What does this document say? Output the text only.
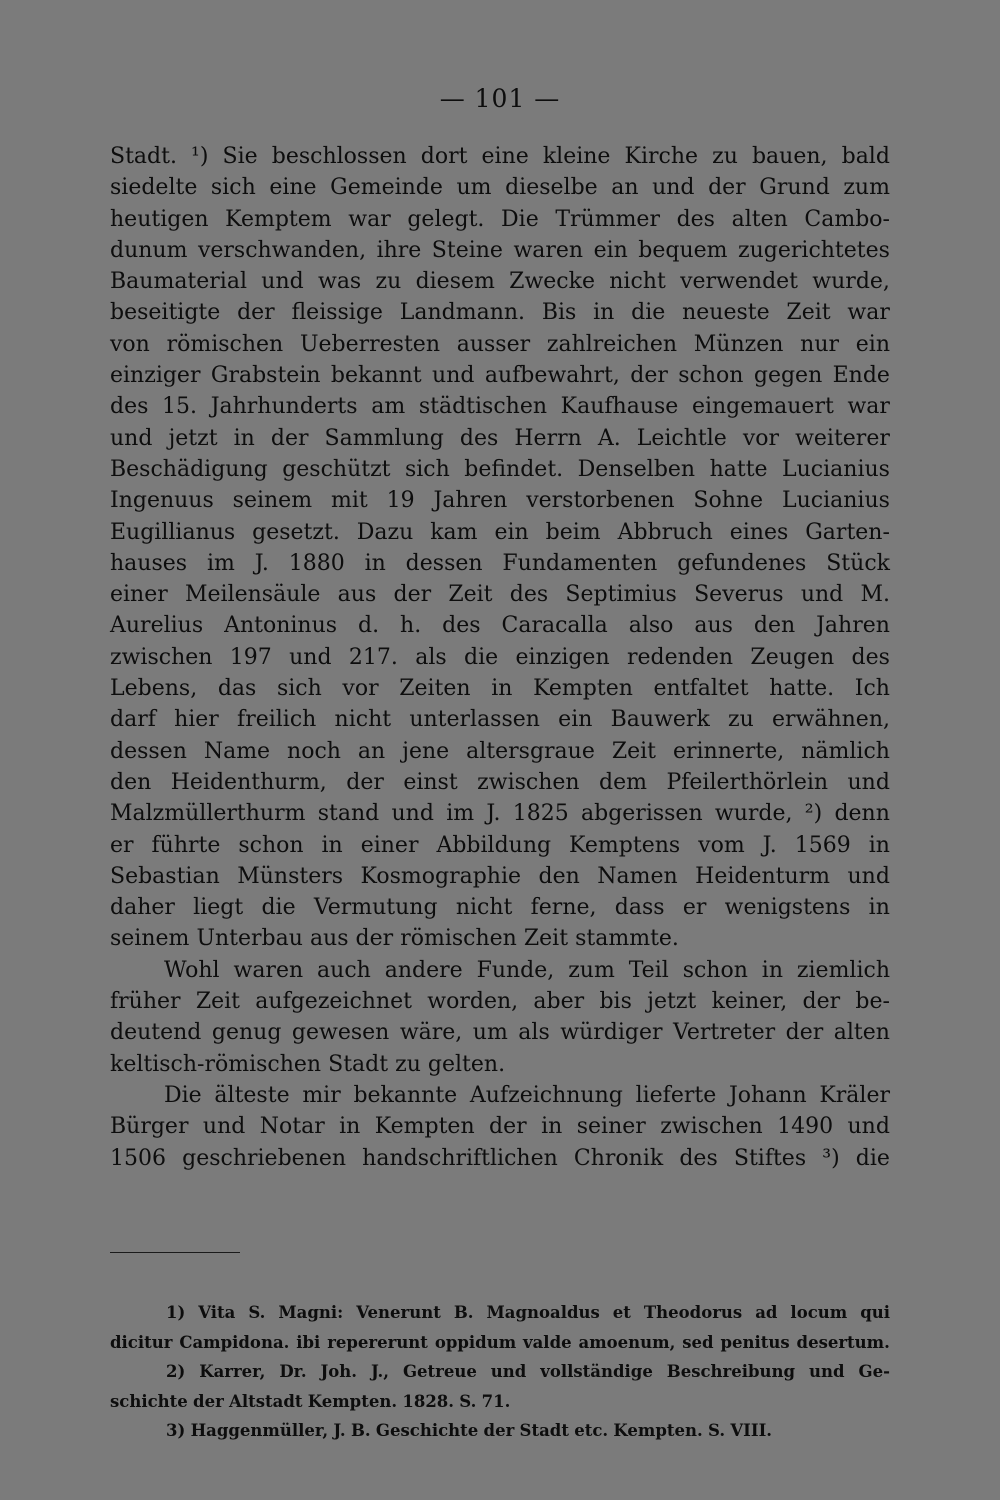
— 101 —
Stadt. ¹) Sie beschlossen dort eine kleine Kirche zu bauen, bald
siedelte sich eine Gemeinde um dieselbe an und der Grund zum
heutigen Kemptem war gelegt. Die Trümmer des alten Cambo-
dunum verschwanden, ihre Steine waren ein bequem zugerichtetes
Baumaterial und was zu diesem Zwecke nicht verwendet wurde,
beseitigte der fleissige Landmann. Bis in die neueste Zeit war
von römischen Ueberresten ausser zahlreichen Münzen nur ein
einziger Grabstein bekannt und aufbewahrt, der schon gegen Ende
des 15. Jahrhunderts am städtischen Kaufhause eingemauert war
und jetzt in der Sammlung des Herrn A. Leichtle vor weiterer
Beschädigung geschützt sich befindet. Denselben hatte Lucianius
Ingenuus seinem mit 19 Jahren verstorbenen Sohne Lucianius
Eugillianus gesetzt. Dazu kam ein beim Abbruch eines Garten-
hauses im J. 1880 in dessen Fundamenten gefundenes Stück
einer Meilensäule aus der Zeit des Septimius Severus und M.
Aurelius Antoninus d. h. des Caracalla also aus den Jahren
zwischen 197 und 217. als die einzigen redenden Zeugen des
Lebens, das sich vor Zeiten in Kempten entfaltet hatte. Ich
darf hier freilich nicht unterlassen ein Bauwerk zu erwähnen,
dessen Name noch an jene altersgraue Zeit erinnerte, nämlich
den Heidenthurm, der einst zwischen dem Pfeilerthörlein und
Malzmüllerthurm stand und im J. 1825 abgerissen wurde, ²) denn
er führte schon in einer Abbildung Kemptens vom J. 1569 in
Sebastian Münsters Kosmographie den Namen Heidenturm und
daher liegt die Vermutung nicht ferne, dass er wenigstens in
seinem Unterbau aus der römischen Zeit stammte.
Wohl waren auch andere Funde, zum Teil schon in ziemlich
früher Zeit aufgezeichnet worden, aber bis jetzt keiner, der be-
deutend genug gewesen wäre, um als würdiger Vertreter der alten
keltisch-römischen Stadt zu gelten.
Die älteste mir bekannte Aufzeichnung lieferte Johann Kräler
Bürger und Notar in Kempten der in seiner zwischen 1490 und
1506 geschriebenen handschriftlichen Chronik des Stiftes ³) die
1) Vita S. Magni: Venerunt B. Magnoaldus et Theodorus ad locum qui
dicitur Campidona. ibi repererunt oppidum valde amoenum, sed penitus desertum.
2) Karrer, Dr. Joh. J., Getreue und vollständige Beschreibung und Ge-
schichte der Altstadt Kempten. 1828. S. 71.
3) Haggenmüller, J. B. Geschichte der Stadt etc. Kempten. S. VIII.
